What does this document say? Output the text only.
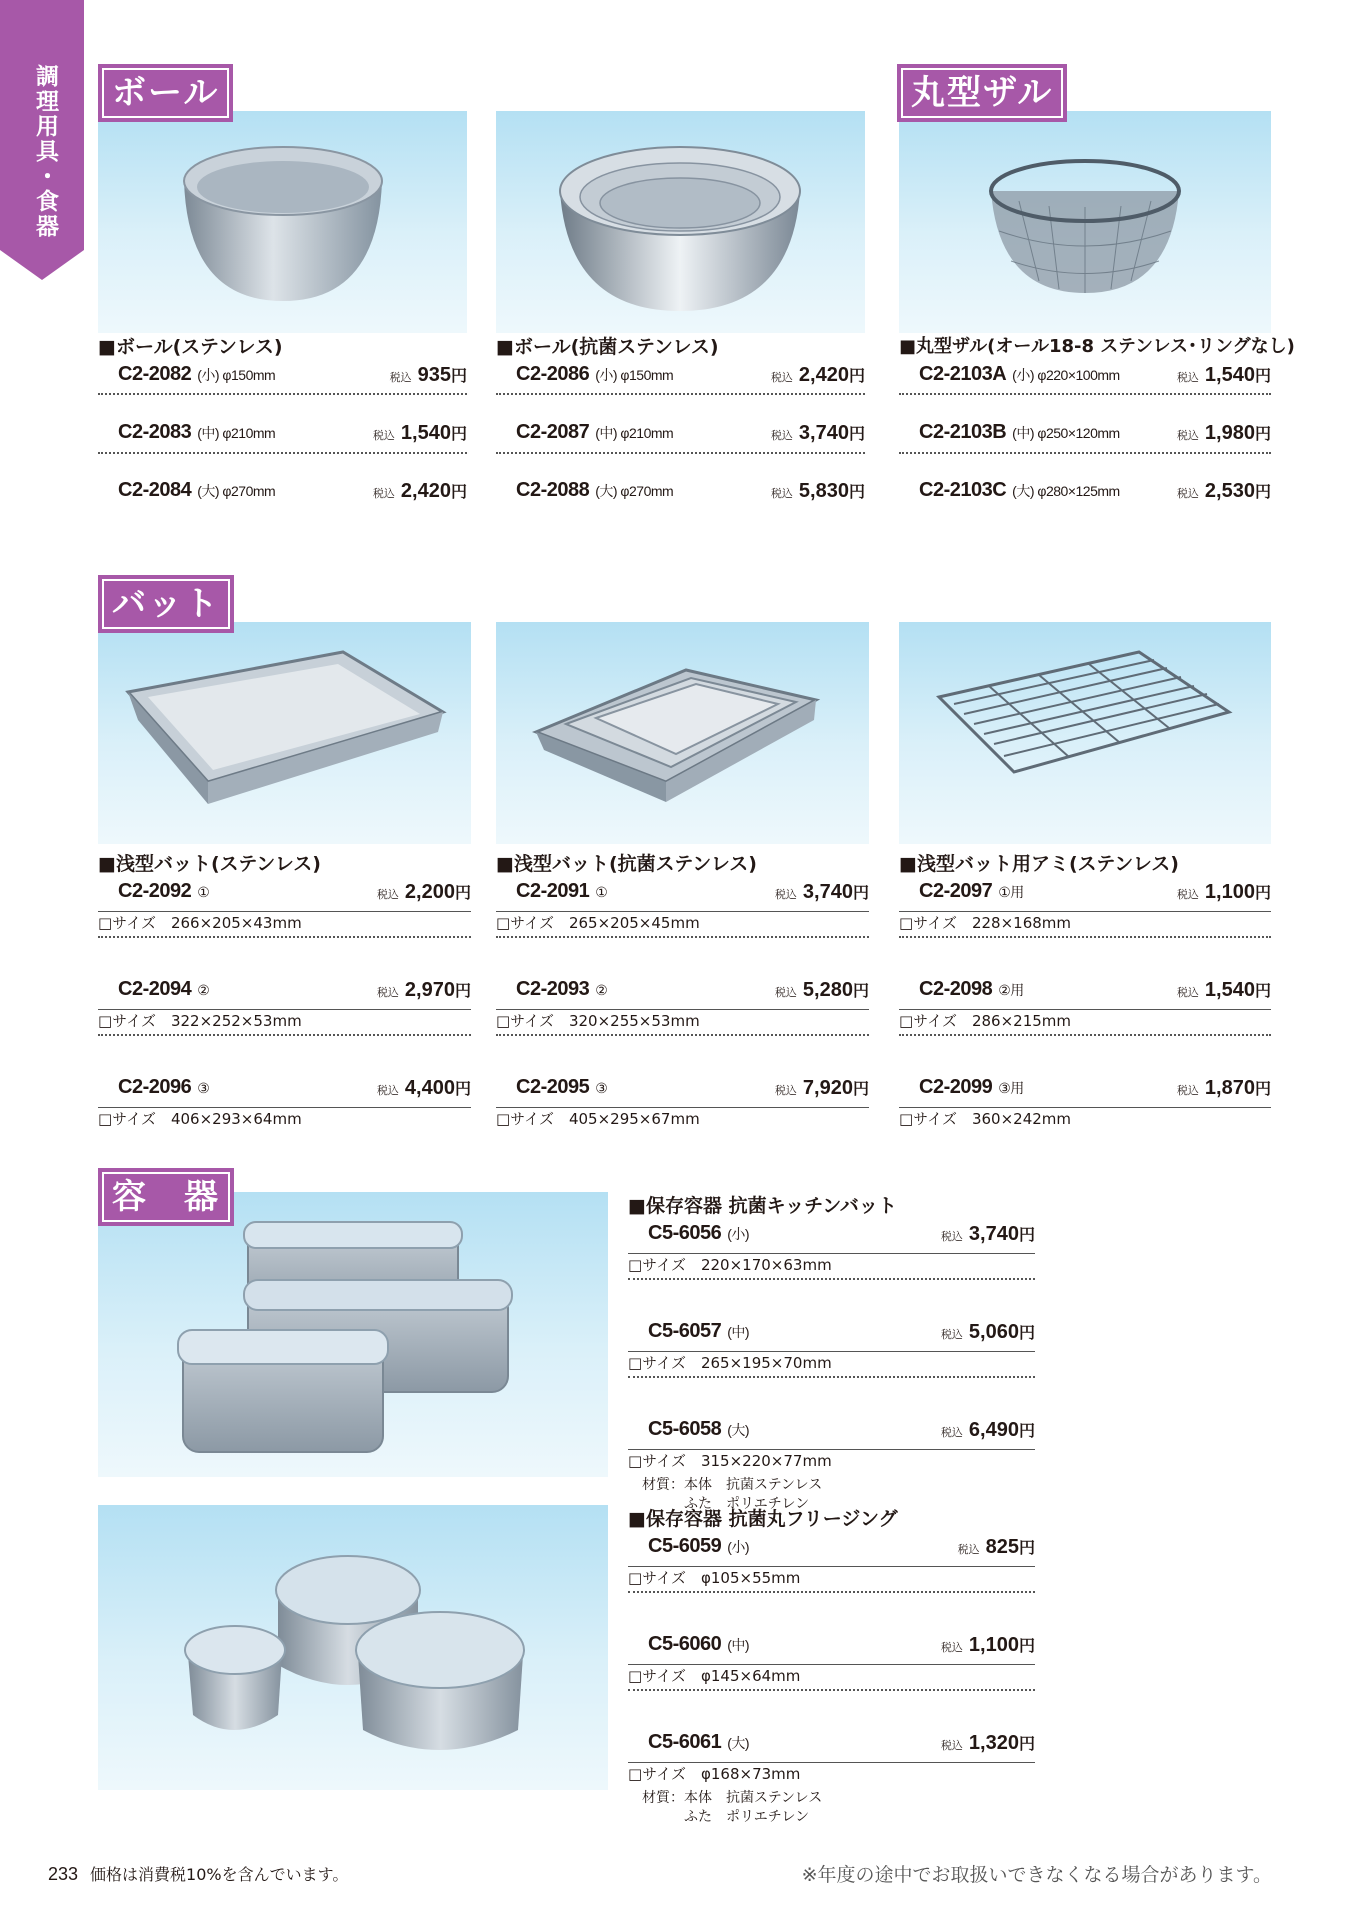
調理用具・食器	ボール	丸型ザル
バット
容　器
■ボール(ステンレス)
C2-2082 (小) φ150mm	税込 935円
C2-2083 (中) φ210mm	税込 1,540円
C2-2084 (大) φ270mm	税込 2,420円
■ボール(抗菌ステンレス)
C2-2086 (小) φ150mm	税込 2,420円
C2-2087 (中) φ210mm	税込 3,740円
C2-2088 (大) φ270mm	税込 5,830円
■丸型ザル(オール18-8 ステンレス･リングなし)
C2-2103A (小) φ220×100mm	税込 1,540円
C2-2103B (中) φ250×120mm	税込 1,980円
C2-2103C (大) φ280×125mm	税込 2,530円
■浅型バット(ステンレス)
C2-2092 ①	税込 2,200円
□サイズ　266×205×43mm
C2-2094 ②	税込 2,970円
□サイズ　322×252×53mm
C2-2096 ③	税込 4,400円
□サイズ　406×293×64mm
■浅型バット(抗菌ステンレス)
C2-2091 ①	税込 3,740円
□サイズ　265×205×45mm
C2-2093 ②	税込 5,280円
□サイズ　320×255×53mm
C2-2095 ③	税込 7,920円
□サイズ　405×295×67mm
■浅型バット用アミ(ステンレス)
C2-2097 ①用	税込 1,100円
□サイズ　228×168mm
C2-2098 ②用	税込 1,540円
□サイズ　286×215mm
C2-2099 ③用	税込 1,870円
□サイズ　360×242mm
■保存容器 抗菌キッチンバット
C5-6056 (小)	税込 3,740円
□サイズ　220×170×63mm
C5-6057 (中)	税込 5,060円
□サイズ　265×195×70mm
C5-6058 (大)	税込 6,490円
□サイズ　315×220×77mm
材質：本体　抗菌ステンレス
　　　ふた　ポリエチレン
■保存容器 抗菌丸フリージング
C5-6059 (小)	税込 825円
□サイズ　φ105×55mm
C5-6060 (中)	税込 1,100円
□サイズ　φ145×64mm
C5-6061 (大)	税込 1,320円
□サイズ　φ168×73mm
材質：本体　抗菌ステンレス
　　　ふた　ポリエチレン
233 価格は消費税10%を含んでいます。	※年度の途中でお取扱いできなくなる場合があります。
